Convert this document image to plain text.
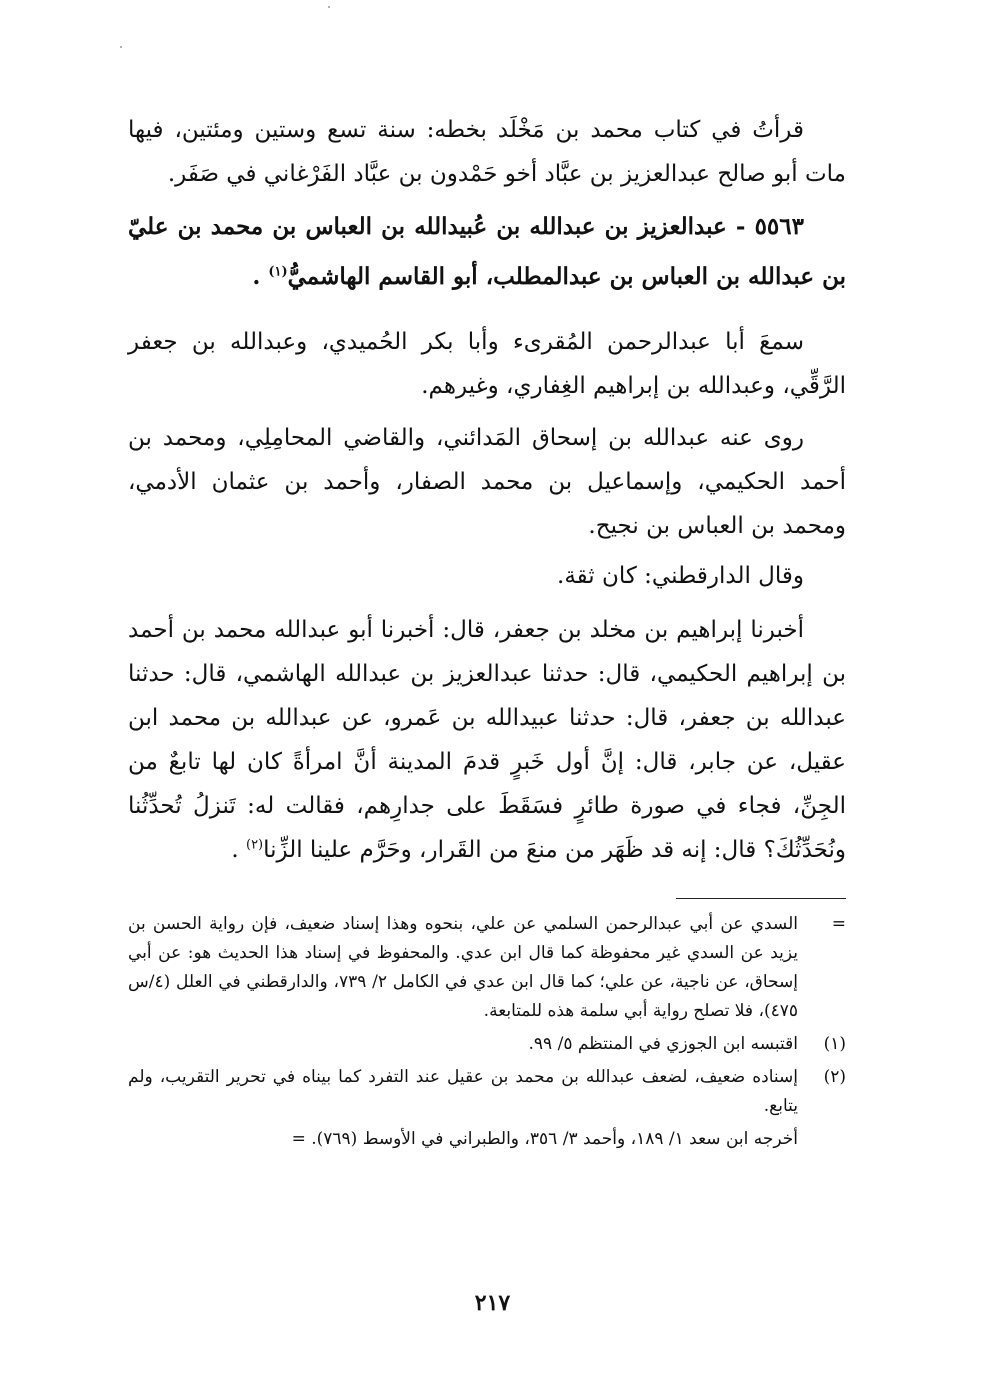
قرأتُ في كتاب محمد بن مَخْلَد بخطه: سنة تسع وستين ومئتين، فيها مات أبو صالح عبدالعزيز بن عبَّاد أخو حَمْدون بن عبَّاد الفَرْغاني في صَفَر.

٥٥٦٣ - عبدالعزيز بن عبدالله بن عُبيدالله بن العباس بن محمد بن عليّ بن عبدالله بن العباس بن عبدالمطلب، أبو القاسم الهاشميُّ$^{(١)}$ .

سمعَ أبا عبدالرحمن المُقرىء وأبا بكر الحُميدي، وعبدالله بن جعفر الرَّقِّي، وعبدالله بن إبراهيم الغِفاري، وغيرهم.

روى عنه عبدالله بن إسحاق المَدائني، والقاضي المحامِلِي، ومحمد بن أحمد الحكيمي، وإسماعيل بن محمد الصفار، وأحمد بن عثمان الأدمي، ومحمد بن العباس بن نجيح.

وقال الدارقطني: كان ثقة.

أخبرنا إبراهيم بن مخلد بن جعفر، قال: أخبرنا أبو عبدالله محمد بن أحمد بن إبراهيم الحكيمي، قال: حدثنا عبدالعزيز بن عبدالله الهاشمي، قال: حدثنا عبدالله بن جعفر، قال: حدثنا عبيدالله بن عَمرو، عن عبدالله بن محمد ابن عقيل، عن جابر، قال: إنَّ أول خَبرٍ قدمَ المدينة أنَّ امرأةً كان لها تابعٌ من الجِنِّ، فجاء في صورة طائرٍ فسَقَطَ على جدارِهم، فقالت له: تَنزلُ تُحدِّثُنا ونُحَدِّثُكَ؟ قال: إنه قد ظَهَر من منعَ من القَرار، وحَرَّم علينا الزِّنا$^{(٢)}$ .

=
السدي عن أبي عبدالرحمن السلمي عن علي، بنحوه وهذا إسناد ضعيف، فإن رواية الحسن بن يزيد عن السدي غير محفوظة كما قال ابن عدي. والمحفوظ في إسناد هذا الحديث هو: عن أبي إسحاق، عن ناجية، عن علي؛ كما قال ابن عدي في الكامل ٢/ ٧٣٩، والدارقطني في العلل (٤/س ٤٧٥)، فلا تصلح رواية أبي سلمة هذه للمتابعة.

(١)
اقتبسه ابن الجوزي في المنتظم ٥/ ٩٩.
(٢)
إسناده ضعيف، لضعف عبدالله بن محمد بن عقيل عند التفرد كما بيناه في تحرير التقريب، ولم يتابع.

أخرجه ابن سعد ١/ ١٨٩، وأحمد ٣/ ٣٥٦، والطبراني في الأوسط (٧٦٩). =

٢١٧
